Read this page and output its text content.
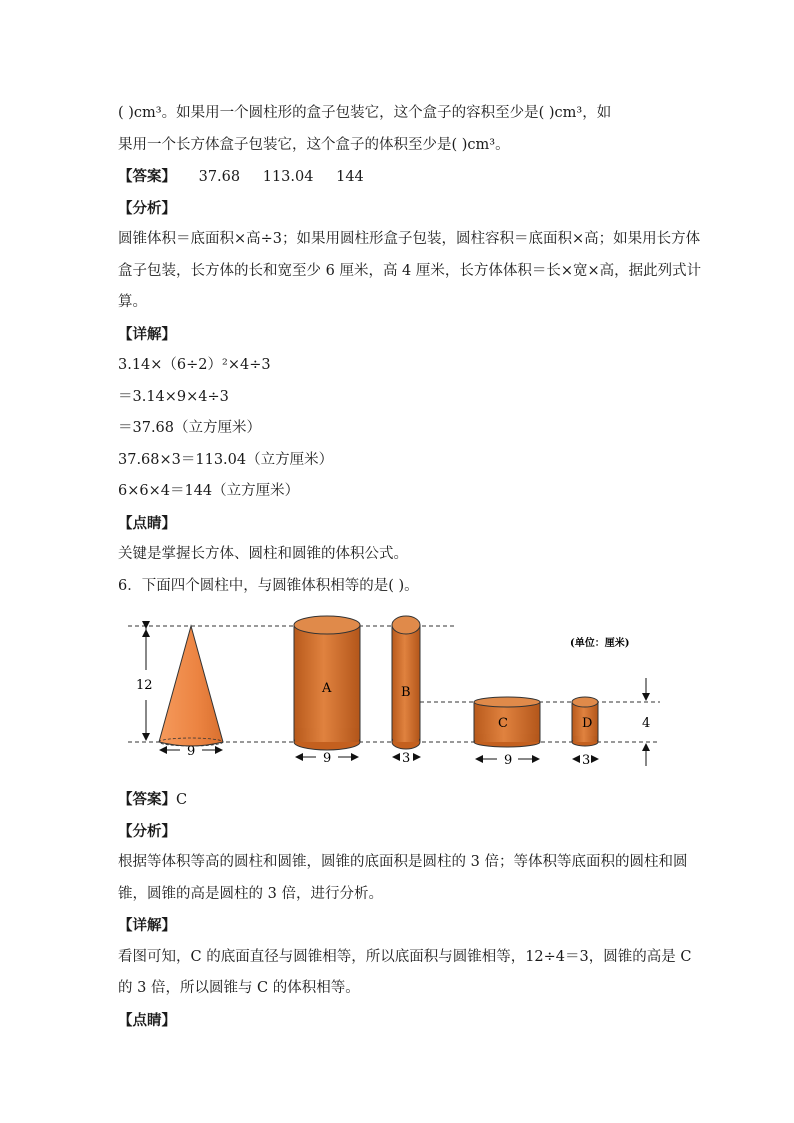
( )cm³。如果用一个圆柱形的盒子包装它，这个盒子的容积至少是( )cm³，如
果用一个长方体盒子包装它，这个盒子的体积至少是( )cm³。
【答案】 37.68 113.04 144
【分析】
圆锥体积＝底面积×高÷3；如果用圆柱形盒子包装，圆柱容积＝底面积×高；如果用长方体
盒子包装，长方体的长和宽至少 6 厘米，高 4 厘米，长方体体积＝长×宽×高，据此列式计
算。
【详解】
3.14×（6÷2）²×4÷3
＝3.14×9×4÷3
＝37.68（立方厘米）
37.68×3＝113.04（立方厘米）
6×6×4＝144（立方厘米）
【点睛】
关键是掌握长方体、圆柱和圆锥的体积公式。
6．下面四个圆柱中，与圆锥体积相等的是( )。
12
9
A
9
B
3
C
9
D
3
4
(单位：厘米)
【答案】C
【分析】
根据等体积等高的圆柱和圆锥，圆锥的底面积是圆柱的 3 倍；等体积等底面积的圆柱和圆
锥，圆锥的高是圆柱的 3 倍，进行分析。
【详解】
看图可知，C 的底面直径与圆锥相等，所以底面积与圆锥相等，12÷4＝3，圆锥的高是 C
的 3 倍，所以圆锥与 C 的体积相等。
【点睛】
